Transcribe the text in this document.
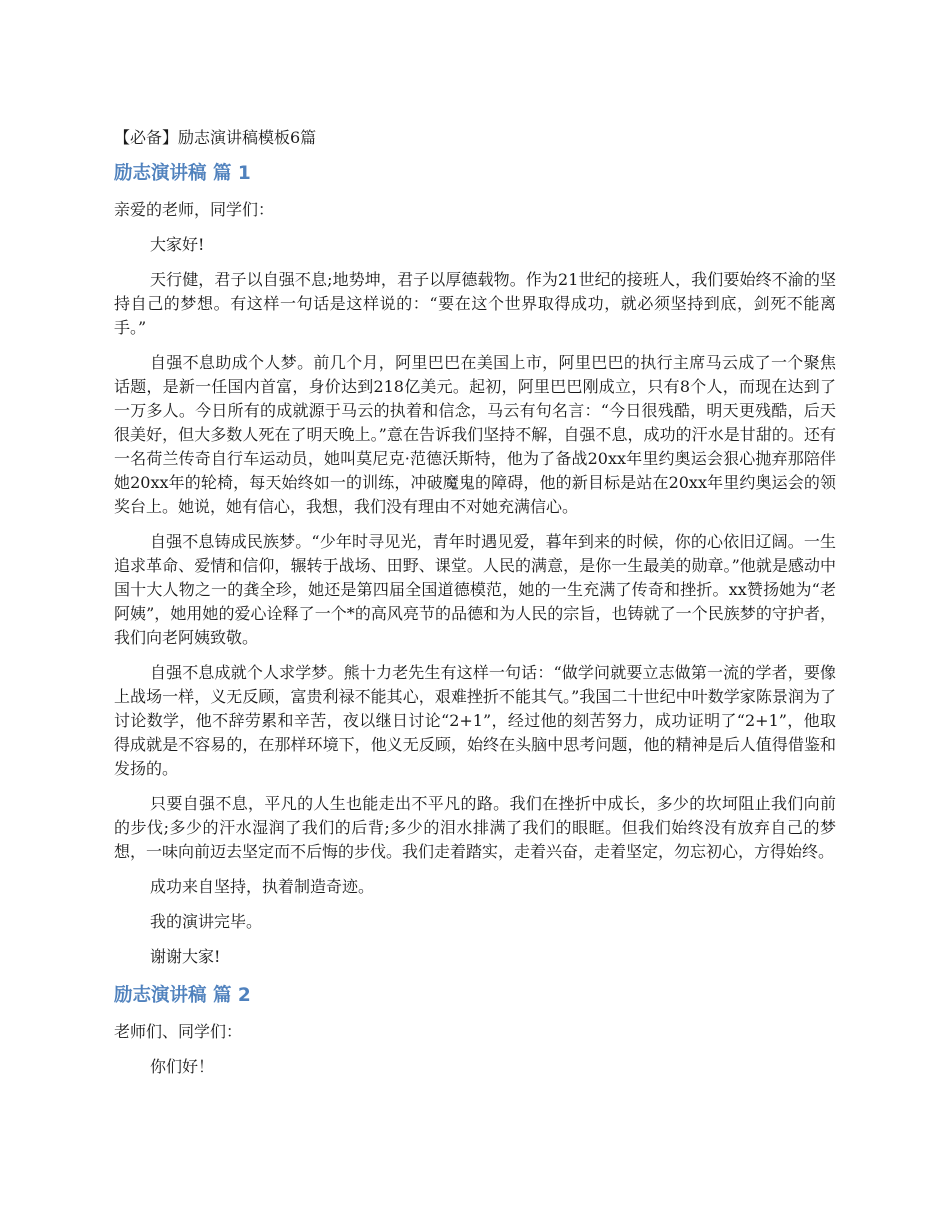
【必备】励志演讲稿模板6篇

励志演讲稿 篇 1

亲爱的老师，同学们：

大家好!

天行健，君子以自强不息;地势坤，君子以厚德载物。作为21世纪的接班人，我们要始终不渝的坚持自己的梦想。有这样一句话是这样说的：“要在这个世界取得成功，就必须坚持到底，剑死不能离手。”

自强不息助成个人梦。前几个月，阿里巴巴在美国上市，阿里巴巴的执行主席马云成了一个聚焦话题，是新一任国内首富，身价达到218亿美元。起初，阿里巴巴刚成立，只有8个人，而现在达到了一万多人。今日所有的成就源于马云的执着和信念，马云有句名言：“今日很残酷，明天更残酷，后天很美好，但大多数人死在了明天晚上。”意在告诉我们坚持不解，自强不息，成功的汗水是甘甜的。还有一名荷兰传奇自行车运动员，她叫莫尼克·范德沃斯特，他为了备战20xx年里约奥运会狠心抛弃那陪伴她20xx年的轮椅，每天始终如一的训练，冲破魔鬼的障碍，他的新目标是站在20xx年里约奥运会的领奖台上。她说，她有信心，我想，我们没有理由不对她充满信心。

自强不息铸成民族梦。“少年时寻见光，青年时遇见爱，暮年到来的时候，你的心依旧辽阔。一生追求革命、爱情和信仰，辗转于战场、田野、课堂。人民的满意，是你一生最美的勋章。”他就是感动中国十大人物之一的龚全珍，她还是第四届全国道德模范，她的一生充满了传奇和挫折。xx赞扬她为“老阿姨”，她用她的爱心诠释了一个*的高风亮节的品德和为人民的宗旨，也铸就了一个民族梦的守护者，我们向老阿姨致敬。

自强不息成就个人求学梦。熊十力老先生有这样一句话：“做学问就要立志做第一流的学者，要像上战场一样，义无反顾，富贵利禄不能其心，艰难挫折不能其气。”我国二十世纪中叶数学家陈景润为了讨论数学，他不辞劳累和辛苦，夜以继日讨论“2+1”，经过他的刻苦努力，成功证明了“2+1”，他取得成就是不容易的，在那样环境下，他义无反顾，始终在头脑中思考问题，他的精神是后人值得借鉴和发扬的。

只要自强不息，平凡的人生也能走出不平凡的路。我们在挫折中成长，多少的坎坷阻止我们向前的步伐;多少的汗水湿润了我们的后背;多少的泪水排满了我们的眼眶。但我们始终没有放弃自己的梦想，一味向前迈去坚定而不后悔的步伐。我们走着踏实，走着兴奋，走着坚定，勿忘初心，方得始终。

成功来自坚持，执着制造奇迹。

我的演讲完毕。

谢谢大家!

励志演讲稿 篇 2

老师们、同学们：

你们好！
